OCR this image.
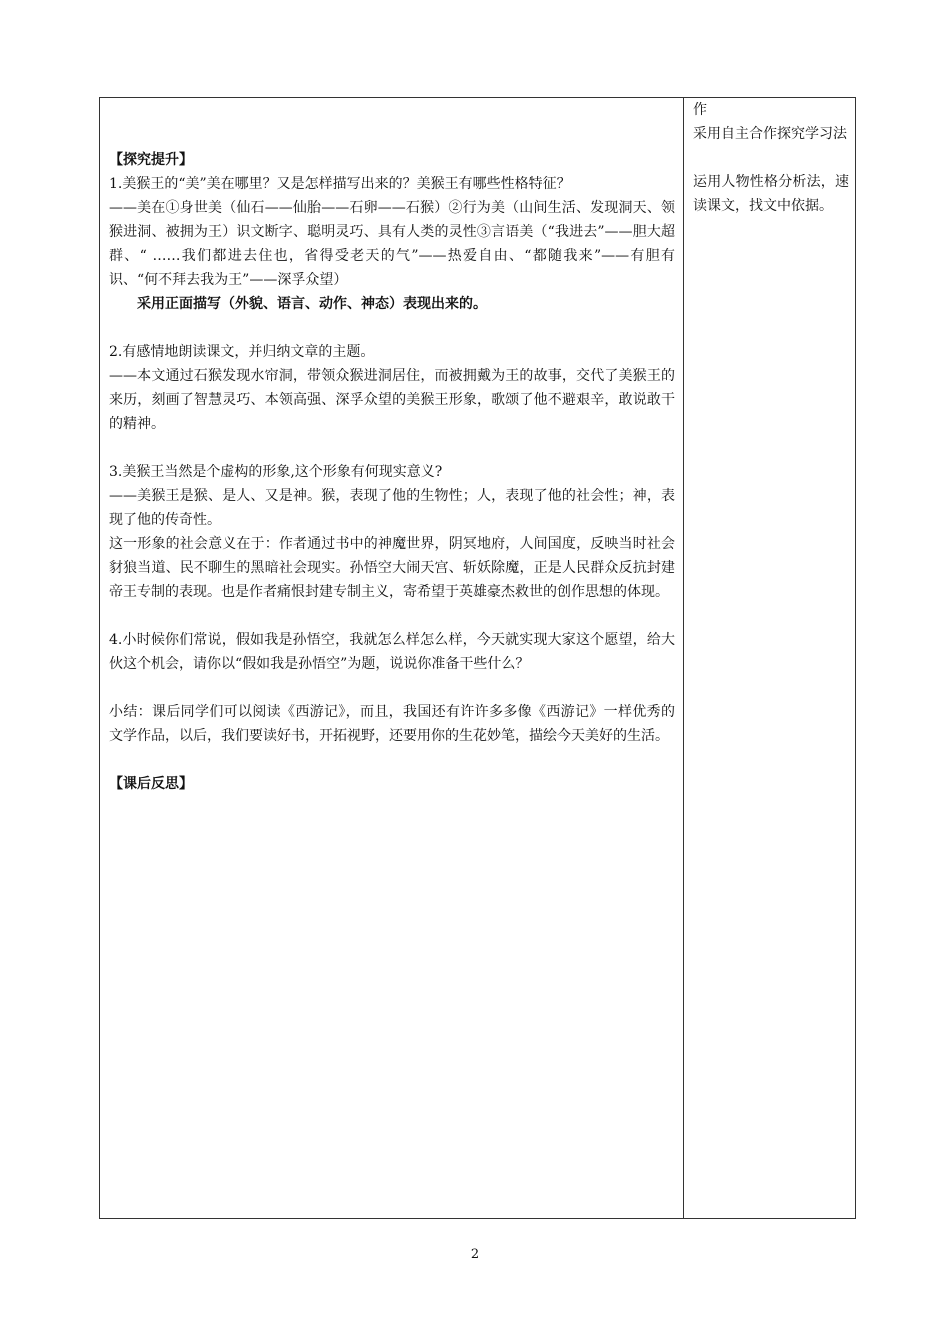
【探究提升】

1.美猴王的“美”美在哪里？又是怎样描写出来的？美猴王有哪些性格特征？

——美在①身世美（仙石——仙胎——石卵——石猴）②行为美（山间生活、发现洞天、领猴进洞、被拥为王）识文断字、聪明灵巧、具有人类的灵性③言语美（“我进去”——胆大超群、“ ……我们都进去住也，省得受老天的气”——热爱自由、“都随我来”——有胆有识、“何不拜去我为王”——深孚众望）

采用正面描写（外貌、语言、动作、神态）表现出来的。

2.有感情地朗读课文，并归纳文章的主题。

——本文通过石猴发现水帘洞，带领众猴进洞居住，而被拥戴为王的故事，交代了美猴王的来历，刻画了智慧灵巧、本领高强、深孚众望的美猴王形象，歌颂了他不避艰辛，敢说敢干的精神。

3.美猴王当然是个虚构的形象,这个形象有何现实意义?

——美猴王是猴、是人、又是神。猴，表现了他的生物性；人，表现了他的社会性；神，表现了他的传奇性。

这一形象的社会意义在于：作者通过书中的神魔世界，阴冥地府，人间国度，反映当时社会豺狼当道、民不聊生的黑暗社会现实。孙悟空大闹天宫、斩妖除魔，正是人民群众反抗封建帝王专制的表现。也是作者痛恨封建专制主义，寄希望于英雄豪杰救世的创作思想的体现。

4.小时候你们常说，假如我是孙悟空，我就怎么样怎么样，今天就实现大家这个愿望，给大伙这个机会，请你以“假如我是孙悟空”为题，说说你准备干些什么？

小结：课后同学们可以阅读《西游记》，而且，我国还有许许多多像《西游记》一样优秀的文学作品，以后，我们要读好书，开拓视野，还要用你的生花妙笔，描绘今天美好的生活。

【课后反思】

作

采用自主合作探究学习法

运用人物性格分析法，速读课文，找文中依据。

2
